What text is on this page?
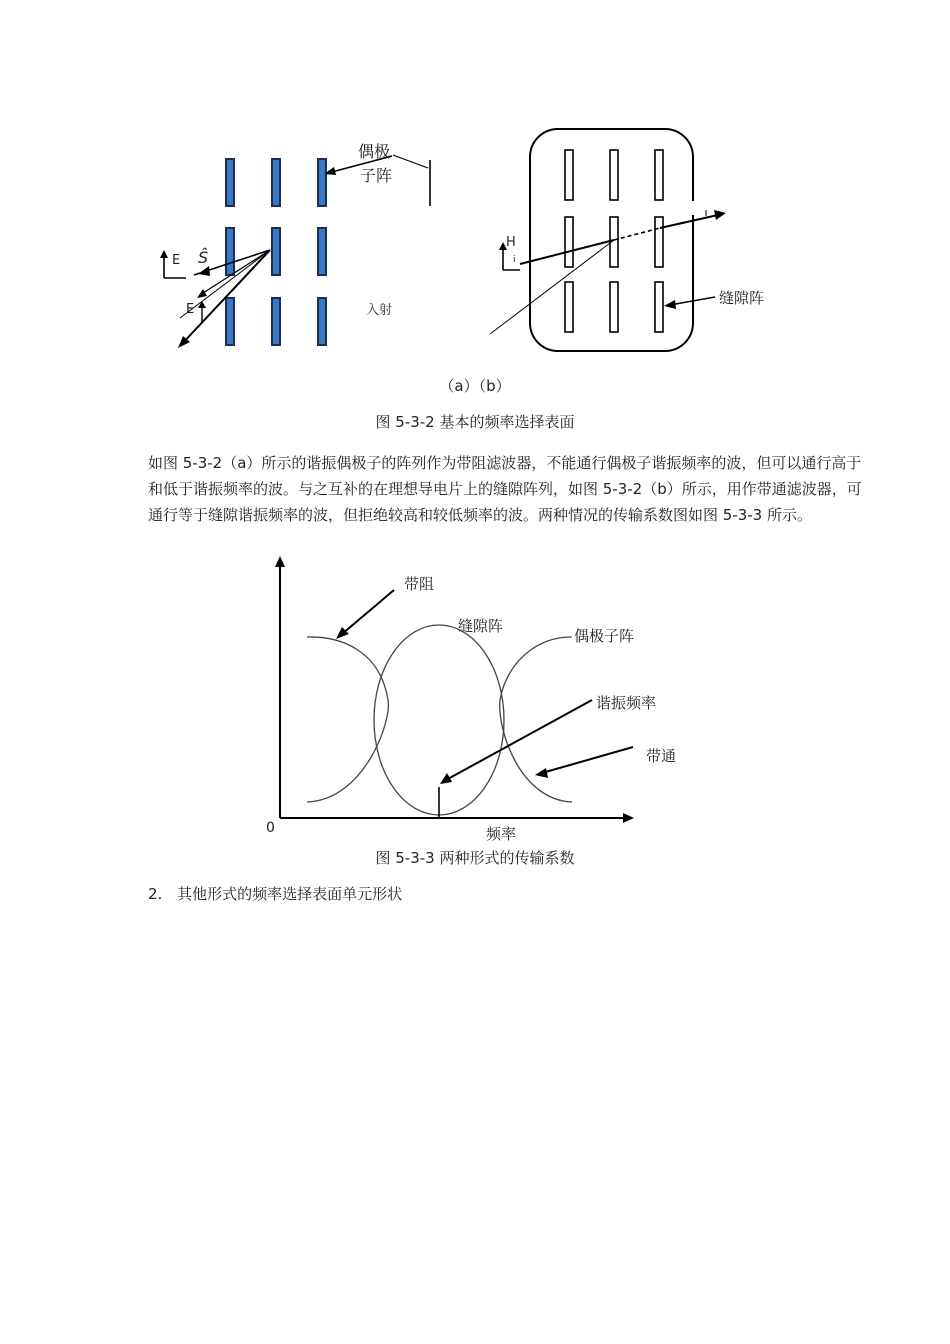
偶极
子阵
E Ŝ
E	入射
H
i
缝隙阵
（a）（b）
图 5-3-2 基本的频率选择表面

如图 5-3-2（a）所示的谐振偶极子的阵列作为带阻滤波器，不能通行偶极子谐振频率的波，但可以通行高于和低于谐振频率的波。与之互补的在理想导电片上的缝隙阵列，如图 5-3-2（b）所示，用作带通滤波器，可通行等于缝隙谐振频率的波，但拒绝较高和较低频率的波。两种情况的传输系数图如图 5-3-3 所示。

0	频率
带阻
缝隙阵
偶极子阵
谐振频率
带通
图 5-3-3 两种形式的传输系数
2. 其他形式的频率选择表面单元形状
